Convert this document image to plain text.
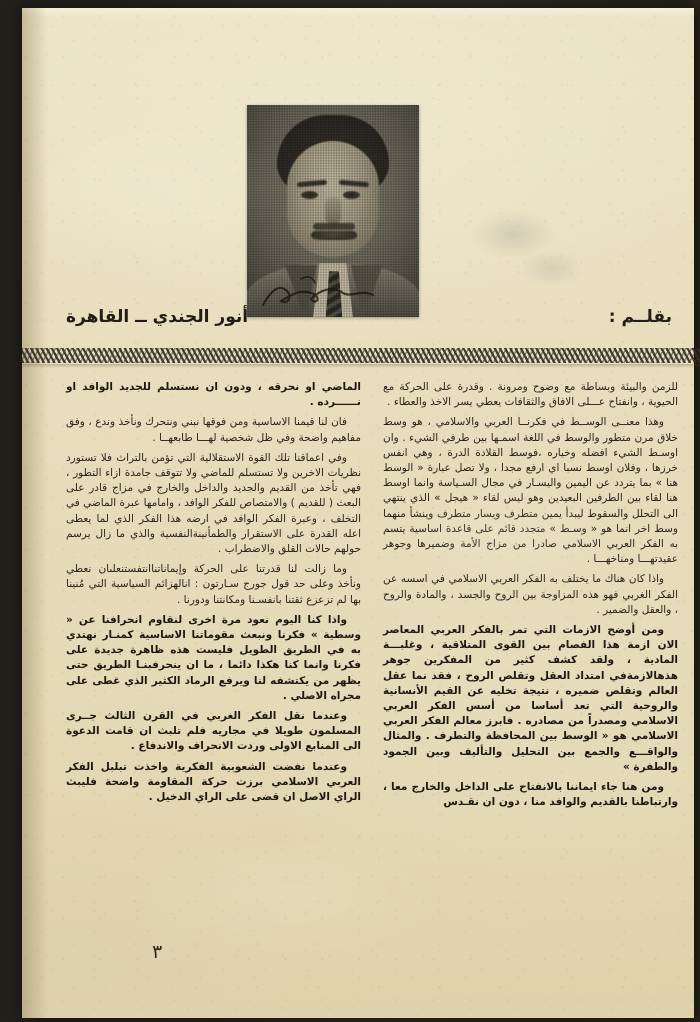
بقلــم :
أنور الجندي ــ القاهرة

للزمن والبيئة وبساطة مع وضوح ومرونة . وقدرة على الحركة مع الحيوية ، وانفتاح عـــلى الافاق والثقافات يعطي يسر الاخذ والعطاء .

وهذا معنــى الوســط في فكرنــا العربي والاسلامي ، هو وسط خلاق مرن متطور والوسط في اللغة اسمـها بين طرفي الشيء . وان اوسـط الشيء افضله وخياره ،فوسط القلادة الدرة ، وهي انفس خرزها ، وفلان اوسط نسبا اي ارفع مجدا ، ولا تصل عبارة « الوسط هنا » بما يتردد عن اليمين واليسـار في مجال السـياسة وانما اوسط هنا لقاء بين الطرفين البعيدين وهو ليس لقاء « هيجل » الذي ينتهي الى التحلل والسقوط ليبدأ يمين متطرف ويسار متطرف وينشأ منهما وسط اخر انما هو « وسـط » متجدد قائم على قاعدة اساسية يتسم به الفكر العربي الاسلامي صادرا من مزاج الأمة وضميرها وجوهر عقيدتهـــا ومناخهـــا .

واذا كان هناك ما يختلف به الفكر العربي الاسلامي في اسسه عن الفكر الغربي فهو هذه المزاوجة بين الروح والجسد ، والمادة والروح ، والعقل والضمير .

ومن أوضح الازمات التي تمر بالفكر العربي المعاصر الان ازمة هذا الفصام بين القوى المتلاقية ، وغلبـــة المادية ، ولقد كشف كثير من المفكرين جوهر هذهالازمةفي امتداد العقل وتقلص الروح ، فقد نما عقل العالم وتقلص ضميره ، نتيجة تخليه عن القيم الأنسانية والروحية التي تعد أساسا من أسس الفكر العربي الاسلامي ومصدراً من مصادره . فابرز معالم الفكر العربي الاسلامي هو « الوسط بين المحافظة والتطرف . والمثال والواقـــع والجمع بين التحليل والتأليف وبين الجمود والطفرة »

ومن هنا جاء ايماننا بالانفتاح على الداخل والخارج معا ، وارتباطنا بالقديم والوافد منا ، دون ان نقـدس

الماضي او نحرقه ، ودون ان نستسلم للجديد الوافد او نــــــرده .

فان لنا قيمنا الاساسية ومن فوقها نبني ونتحرك ونأخذ وندع ، وفق مفاهيم واضحة وفي ظل شخصية لهـــا طابعهــا .

وفي اعماقنا تلك القوة الاستقلالية التي تؤمن بالتراث فلا تستورد نظريات الاخرين ولا تستسلم للماضي ولا تتوقف جامدة ازاء التطور ، فهي تأخذ من القديم والجديد والداخل والخارج في مزاج قادر على البعث ( للقديم ) والامتصاص للفكر الوافد ، وامامها عبرة الماضي في التخلف ، وعبرة الفكر الوافد في ارضه هذا الفكر الذي لما يعطى اعله القدرة على الاستقرار والطمأنينةالنفسية والذي ما زال يرسم حولهم حالات القلق والاضطراب .

وما زالت لنا قدرتنا على الحركة وإيماناتناانتفستنعلىان نعطي ونأخذ وعلى حد قول جورج سـارتون : انالهزائم السياسية التي مُنينا بها لم تزعزع ثقتنا بانفسـنا ومكانتنا ودورنا .

واذا كنا اليوم نعود مرة اخرى لنقاوم انحرافنا عن « وسطية » فكرنا ونبعث مقوماتنا الاساسية كمنـار نهتدي به في الطريق الطويل فليست هذه ظاهرة جديدة على فكرنا وانما كنا هكذا دائما ، ما ان ينحرفبنـا الطريق حتى يظهر من يكتشفه لنا ويرفع الرماد الكثير الذي غطى على مجراه الاصلي .

وعندما نقل الفكر الغربي في القرن الثالث جــرى المسلمون طويلا في مجاريه فلم تلبث ان قامت الدعوة الى المنابع الاولى وردت الانحراف والاندفاع .

وعندما نفضت الشعوبية الفكرية واخذت تبلبل الفكر العربي الاسلامي برزت حركة المقاومة واضحة فليبث الراي الاصل ان قضى على الراي الدخيل .

٣
